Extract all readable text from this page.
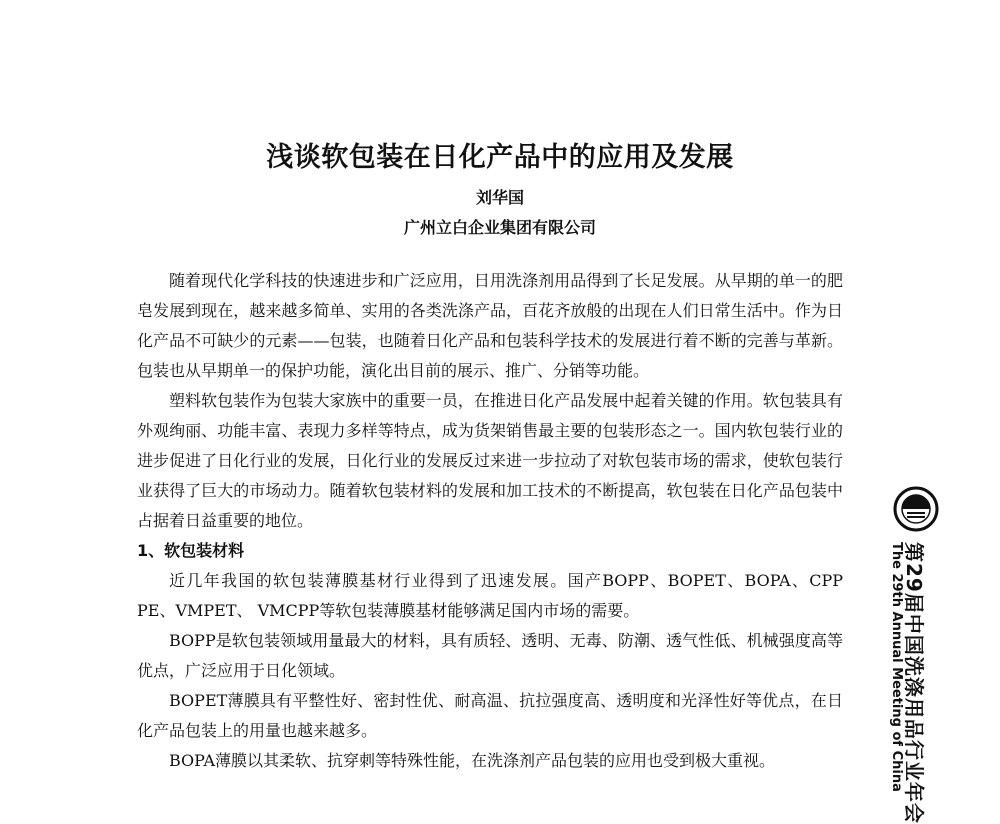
浅谈软包装在日化产品中的应用及发展
刘华国
广州立白企业集团有限公司

随着现代化学科技的快速进步和广泛应用，日用洗涤剂用品得到了长足发展。从早期的单一的肥皂发展到现在，越来越多简单、实用的各类洗涤产品，百花齐放般的出现在人们日常生活中。作为日化产品不可缺少的元素——包装，也随着日化产品和包装科学技术的发展进行着不断的完善与革新。包装也从早期单一的保护功能，演化出目前的展示、推广、分销等功能。

塑料软包装作为包装大家族中的重要一员，在推进日化产品发展中起着关键的作用。软包装具有外观绚丽、功能丰富、表现力多样等特点，成为货架销售最主要的包装形态之一。国内软包装行业的进步促进了日化行业的发展，日化行业的发展反过来进一步拉动了对软包装市场的需求，使软包装行业获得了巨大的市场动力。随着软包装材料的发展和加工技术的不断提高，软包装在日化产品包装中占据着日益重要的地位。

1、软包装材料

近几年我国的软包装薄膜基材行业得到了迅速发展。国产BOPP、BOPET、BOPA、CPP PE、VMPET、 VMCPP等软包装薄膜基材能够满足国内市场的需要。

BOPP是软包装领域用量最大的材料，具有质轻、透明、无毒、防潮、透气性低、机械强度高等优点，广泛应用于日化领域。

BOPET薄膜具有平整性好、密封性优、耐高温、抗拉强度高、透明度和光泽性好等优点，在日化产品包装上的用量也越来越多。

BOPA薄膜以其柔软、抗穿刺等特殊性能，在洗涤剂产品包装的应用也受到极大重视。	第29届中国洗涤用品行业年会
The 29th Annual Meeting of China
